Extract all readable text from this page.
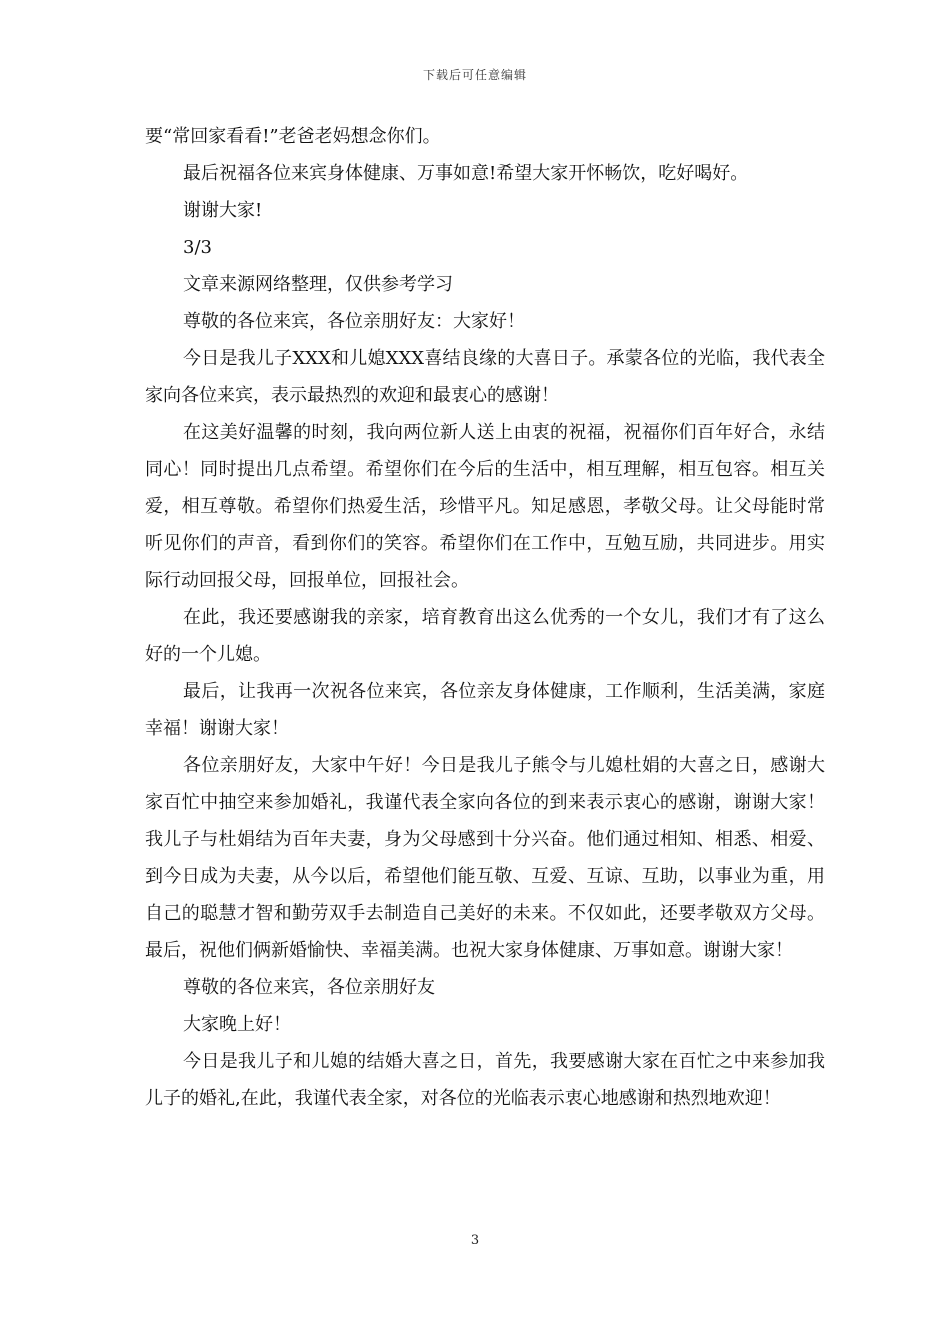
下载后可任意编辑

要“常回家看看!”老爸老妈想念你们。

最后祝福各位来宾身体健康、万事如意!希望大家开怀畅饮，吃好喝好。

谢谢大家!

3/3

文章来源网络整理，仅供参考学习

尊敬的各位来宾，各位亲朋好友：大家好！

今日是我儿子XXX和儿媳XXX喜结良缘的大喜日子。承蒙各位的光临，我代表全家向各位来宾，表示最热烈的欢迎和最衷心的感谢！

在这美好温馨的时刻，我向两位新人送上由衷的祝福，祝福你们百年好合，永结同心！同时提出几点希望。希望你们在今后的生活中，相互理解，相互包容。相互关爱，相互尊敬。希望你们热爱生活，珍惜平凡。知足感恩，孝敬父母。让父母能时常听见你们的声音，看到你们的笑容。希望你们在工作中，互勉互励，共同进步。用实际行动回报父母，回报单位，回报社会。

在此，我还要感谢我的亲家，培育教育出这么优秀的一个女儿，我们才有了这么好的一个儿媳。

最后，让我再一次祝各位来宾，各位亲友身体健康，工作顺利，生活美满，家庭幸福！谢谢大家！

各位亲朋好友，大家中午好！今日是我儿子熊令与儿媳杜娟的大喜之日，感谢大家百忙中抽空来参加婚礼，我谨代表全家向各位的到来表示衷心的感谢，谢谢大家！我儿子与杜娟结为百年夫妻，身为父母感到十分兴奋。他们通过相知、相悉、相爱、到今日成为夫妻，从今以后，希望他们能互敬、互爱、互谅、互助，以事业为重，用自己的聪慧才智和勤劳双手去制造自己美好的未来。不仅如此，还要孝敬双方父母。最后，祝他们俩新婚愉快、幸福美满。也祝大家身体健康、万事如意。谢谢大家！

尊敬的各位来宾，各位亲朋好友

大家晚上好！

今日是我儿子和儿媳的结婚大喜之日，首先，我要感谢大家在百忙之中来参加我儿子的婚礼,在此，我谨代表全家，对各位的光临表示衷心地感谢和热烈地欢迎！

3
